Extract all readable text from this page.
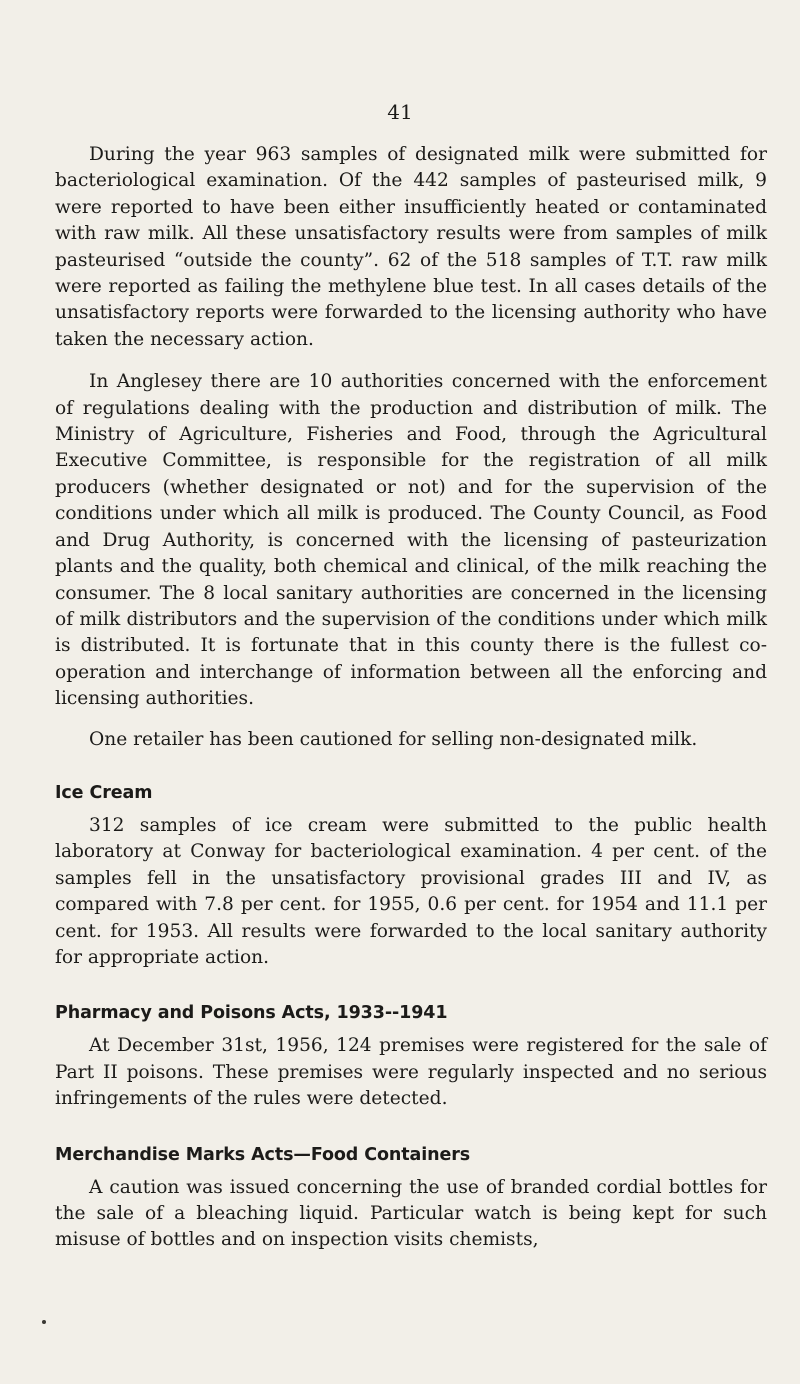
41

During the year 963 samples of designated milk were submitted for bacteriological examination. Of the 442 samples of pasteurised milk, 9 were reported to have been either insufficiently heated or contaminated with raw milk. All these unsatisfactory results were from samples of milk pasteurised “outside the county”. 62 of the 518 samples of T.T. raw milk were reported as failing the methylene blue test. In all cases details of the unsatisfactory reports were forwarded to the licensing authority who have taken the necessary action.

In Anglesey there are 10 authorities concerned with the enforcement of regulations dealing with the production and distribution of milk. The Ministry of Agriculture, Fisheries and Food, through the Agricultural Executive Committee, is responsible for the registration of all milk producers (whether designated or not) and for the supervision of the conditions under which all milk is produced. The County Council, as Food and Drug Authority, is concerned with the licensing of pasteurization plants and the quality, both chemical and clinical, of the milk reaching the consumer. The 8 local sanitary authorities are concerned in the licensing of milk distributors and the supervision of the conditions under which milk is distributed. It is fortunate that in this county there is the fullest co-operation and interchange of information between all the enforcing and licensing authorities.

One retailer has been cautioned for selling non-designated milk.

Ice Cream

312 samples of ice cream were submitted to the public health laboratory at Conway for bacteriological examination. 4 per cent. of the samples fell in the unsatisfactory provisional grades III and IV, as compared with 7.8 per cent. for 1955, 0.6 per cent. for 1954 and 11.1 per cent. for 1953. All results were forwarded to the local sanitary authority for appropriate action.

Pharmacy and Poisons Acts, 1933--1941

At December 31st, 1956, 124 premises were registered for the sale of Part II poisons. These premises were regularly inspected and no serious infringements of the rules were detected.

Merchandise Marks Acts—Food Containers

A caution was issued concerning the use of branded cordial bottles for the sale of a bleaching liquid. Particular watch is being kept for such misuse of bottles and on inspection visits chemists,
